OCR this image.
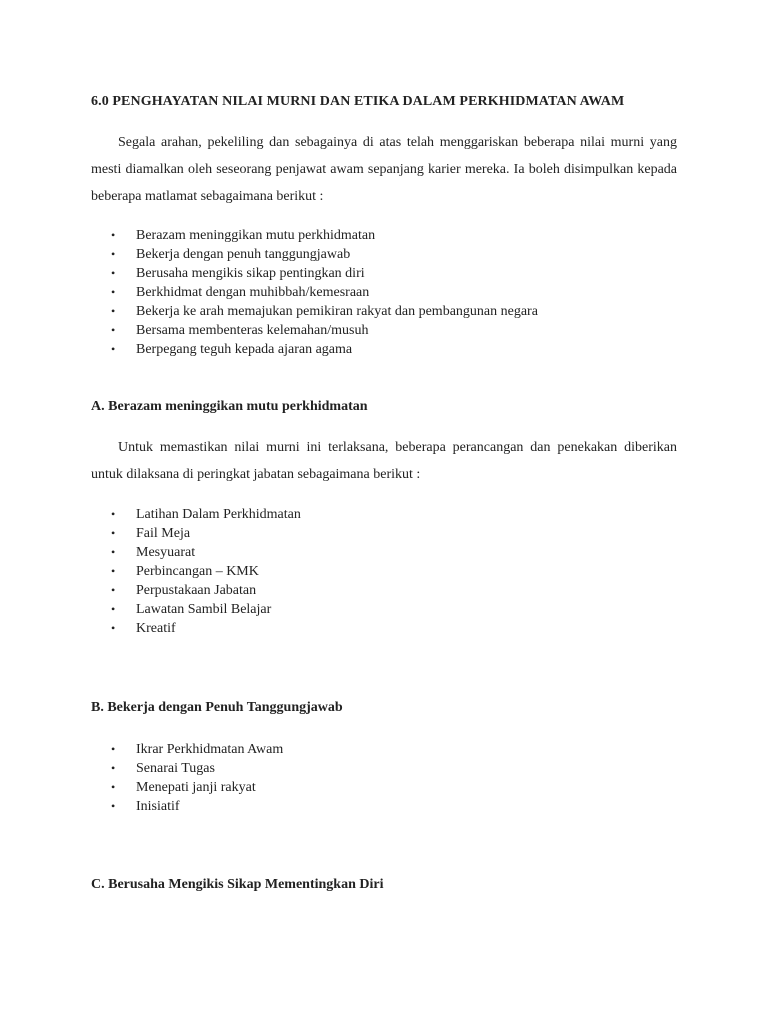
6.0 PENGHAYATAN NILAI MURNI DAN ETIKA DALAM PERKHIDMATAN AWAM

Segala arahan, pekeliling dan sebagainya di atas telah menggariskan beberapa nilai murni yang mesti diamalkan oleh seseorang penjawat awam sepanjang karier mereka. Ia boleh disimpulkan kepada beberapa matlamat sebagaimana berikut :

• Berazam meninggikan mutu perkhidmatan
• Bekerja dengan penuh tanggungjawab
• Berusaha mengikis sikap pentingkan diri
• Berkhidmat dengan muhibbah/kemesraan
• Bekerja ke arah memajukan pemikiran rakyat dan pembangunan negara
• Bersama membenteras kelemahan/musuh
• Berpegang teguh kepada ajaran agama
A. Berazam meninggikan mutu perkhidmatan

Untuk memastikan nilai murni ini terlaksana, beberapa perancangan dan penekakan diberikan untuk dilaksana di peringkat jabatan sebagaimana berikut :

• Latihan Dalam Perkhidmatan
• Fail Meja
• Mesyuarat
• Perbincangan – KMK
• Perpustakaan Jabatan
• Lawatan Sambil Belajar
• Kreatif
B. Bekerja dengan Penuh Tanggungjawab
• Ikrar Perkhidmatan Awam
• Senarai Tugas
• Menepati janji rakyat
• Inisiatif
C. Berusaha Mengikis Sikap Mementingkan Diri
